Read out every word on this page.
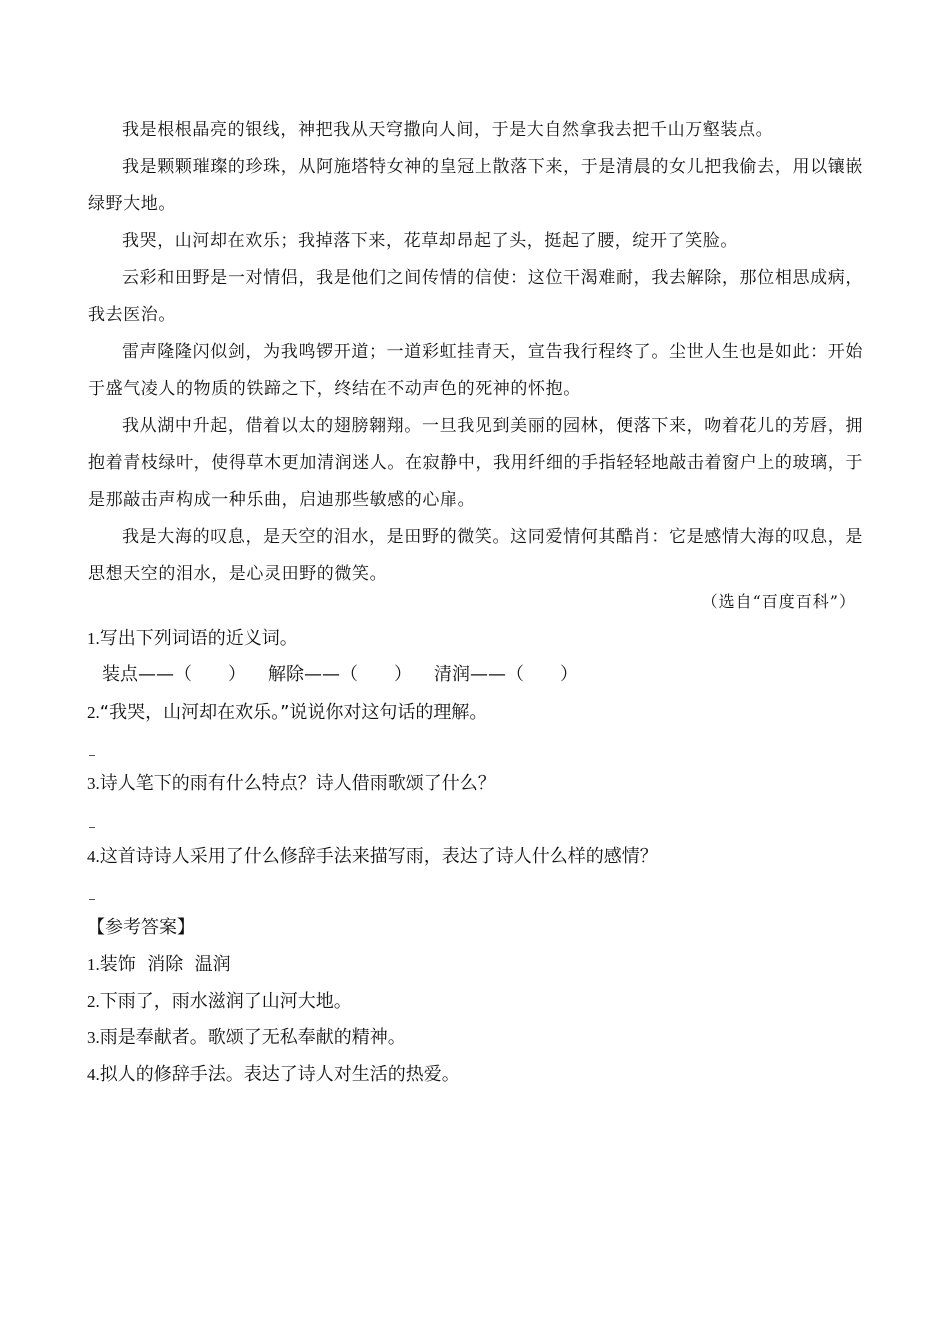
我是根根晶亮的银线，神把我从天穹撒向人间，于是大自然拿我去把千山万壑装点。

我是颗颗璀璨的珍珠，从阿施塔特女神的皇冠上散落下来，于是清晨的女儿把我偷去，用以镶嵌绿野大地。

我哭，山河却在欢乐；我掉落下来，花草却昂起了头，挺起了腰，绽开了笑脸。

云彩和田野是一对情侣，我是他们之间传情的信使：这位干渴难耐，我去解除，那位相思成病，我去医治。

雷声隆隆闪似剑，为我鸣锣开道；一道彩虹挂青天，宣告我行程终了。尘世人生也是如此：开始于盛气凌人的物质的铁蹄之下，终结在不动声色的死神的怀抱。

我从湖中升起，借着以太的翅膀翱翔。一旦我见到美丽的园林，便落下来，吻着花儿的芳唇，拥抱着青枝绿叶，使得草木更加清润迷人。在寂静中，我用纤细的手指轻轻地敲击着窗户上的玻璃，于是那敲击声构成一种乐曲，启迪那些敏感的心扉。

我是大海的叹息，是天空的泪水，是田野的微笑。这同爱情何其酷肖：它是感情大海的叹息，是思想天空的泪水，是心灵田野的微笑。

（选自“百度百科”）
1.写出下列词语的近义词。
装点——（　　） 解除——（　　） 清润——（　　）
2.“我哭，山河却在欢乐。”说说你对这句话的理解。
3.诗人笔下的雨有什么特点？诗人借雨歌颂了什么？
4.这首诗诗人采用了什么修辞手法来描写雨，表达了诗人什么样的感情？
【参考答案】
1.装饰  消除  温润
2.下雨了，雨水滋润了山河大地。
3.雨是奉献者。歌颂了无私奉献的精神。
4.拟人的修辞手法。表达了诗人对生活的热爱。
